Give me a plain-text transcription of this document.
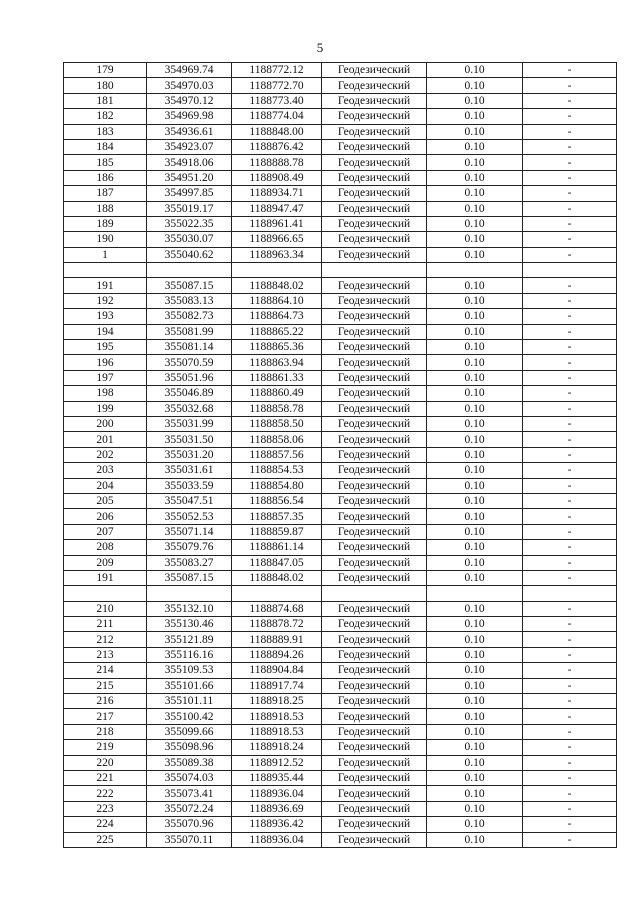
5
179	354969.74	1188772.12	Геодезический	0.10	-
180	354970.03	1188772.70	Геодезический	0.10	-
181	354970.12	1188773.40	Геодезический	0.10	-
182	354969.98	1188774.04	Геодезический	0.10	-
183	354936.61	1188848.00	Геодезический	0.10	-
184	354923.07	1188876.42	Геодезический	0.10	-
185	354918.06	1188888.78	Геодезический	0.10	-
186	354951.20	1188908.49	Геодезический	0.10	-
187	354997.85	1188934.71	Геодезический	0.10	-
188	355019.17	1188947.47	Геодезический	0.10	-
189	355022.35	1188961.41	Геодезический	0.10	-
190	355030.07	1188966.65	Геодезический	0.10	-
1	355040.62	1188963.34	Геодезический	0.10	-

191	355087.15	1188848.02	Геодезический	0.10	-
192	355083.13	1188864.10	Геодезический	0.10	-
193	355082.73	1188864.73	Геодезический	0.10	-
194	355081.99	1188865.22	Геодезический	0.10	-
195	355081.14	1188865.36	Геодезический	0.10	-
196	355070.59	1188863.94	Геодезический	0.10	-
197	355051.96	1188861.33	Геодезический	0.10	-
198	355046.89	1188860.49	Геодезический	0.10	-
199	355032.68	1188858.78	Геодезический	0.10	-
200	355031.99	1188858.50	Геодезический	0.10	-
201	355031.50	1188858.06	Геодезический	0.10	-
202	355031.20	1188857.56	Геодезический	0.10	-
203	355031.61	1188854.53	Геодезический	0.10	-
204	355033.59	1188854.80	Геодезический	0.10	-
205	355047.51	1188856.54	Геодезический	0.10	-
206	355052.53	1188857.35	Геодезический	0.10	-
207	355071.14	1188859.87	Геодезический	0.10	-
208	355079.76	1188861.14	Геодезический	0.10	-
209	355083.27	1188847.05	Геодезический	0.10	-
191	355087.15	1188848.02	Геодезический	0.10	-

210	355132.10	1188874.68	Геодезический	0.10	-
211	355130.46	1188878.72	Геодезический	0.10	-
212	355121.89	1188889.91	Геодезический	0.10	-
213	355116.16	1188894.26	Геодезический	0.10	-
214	355109.53	1188904.84	Геодезический	0.10	-
215	355101.66	1188917.74	Геодезический	0.10	-
216	355101.11	1188918.25	Геодезический	0.10	-
217	355100.42	1188918.53	Геодезический	0.10	-
218	355099.66	1188918.53	Геодезический	0.10	-
219	355098.96	1188918.24	Геодезический	0.10	-
220	355089.38	1188912.52	Геодезический	0.10	-
221	355074.03	1188935.44	Геодезический	0.10	-
222	355073.41	1188936.04	Геодезический	0.10	-
223	355072.24	1188936.69	Геодезический	0.10	-
224	355070.96	1188936.42	Геодезический	0.10	-
225	355070.11	1188936.04	Геодезический	0.10	-
